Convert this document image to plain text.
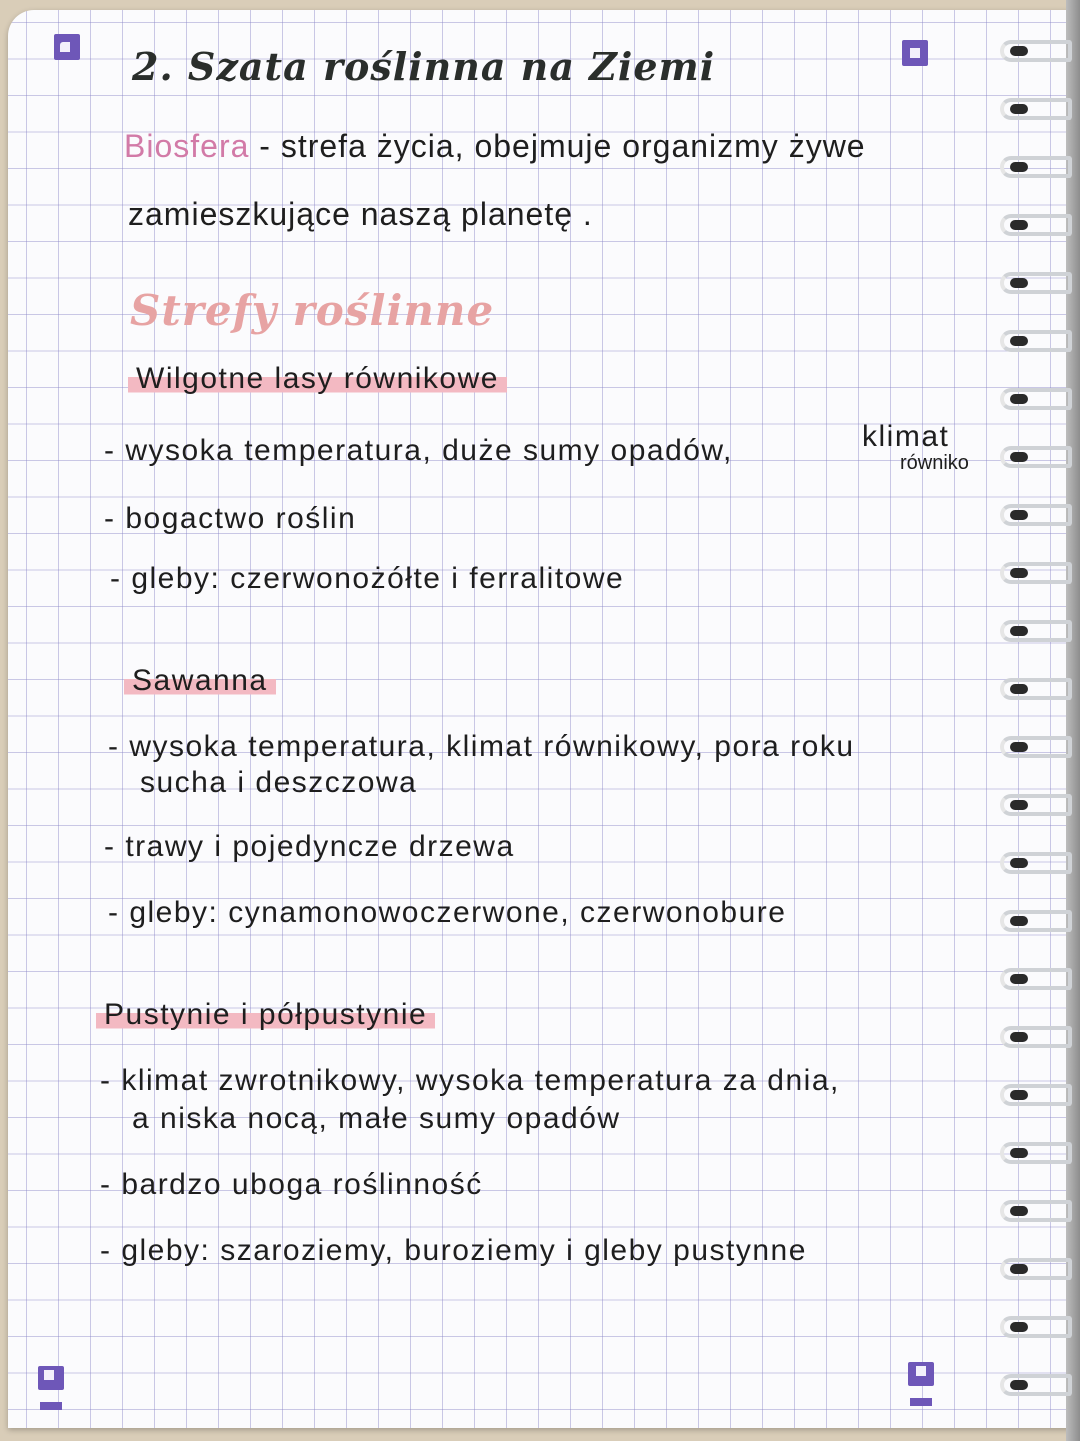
2. Szata roślinna na Ziemi
Biosfera - strefa życia, obejmuje organizmy żywe
zamieszkujące naszą planetę .
Strefy roślinne
Wilgotne lasy równikowe
- wysoka temperatura, duże sumy opadów,	klimat
równiko
- bogactwo roślin
- gleby: czerwonożółte i ferralitowe
Sawanna
- wysoka temperatura, klimat równikowy, pora roku
sucha i deszczowa
- trawy i pojedyncze drzewa
- gleby: cynamonowoczerwone, czerwonobure
Pustynie i półpustynie
- klimat zwrotnikowy, wysoka temperatura za dnia,
a niska nocą, małe sumy opadów
- bardzo uboga roślinność
- gleby: szaroziemy, buroziemy i gleby pustynne
